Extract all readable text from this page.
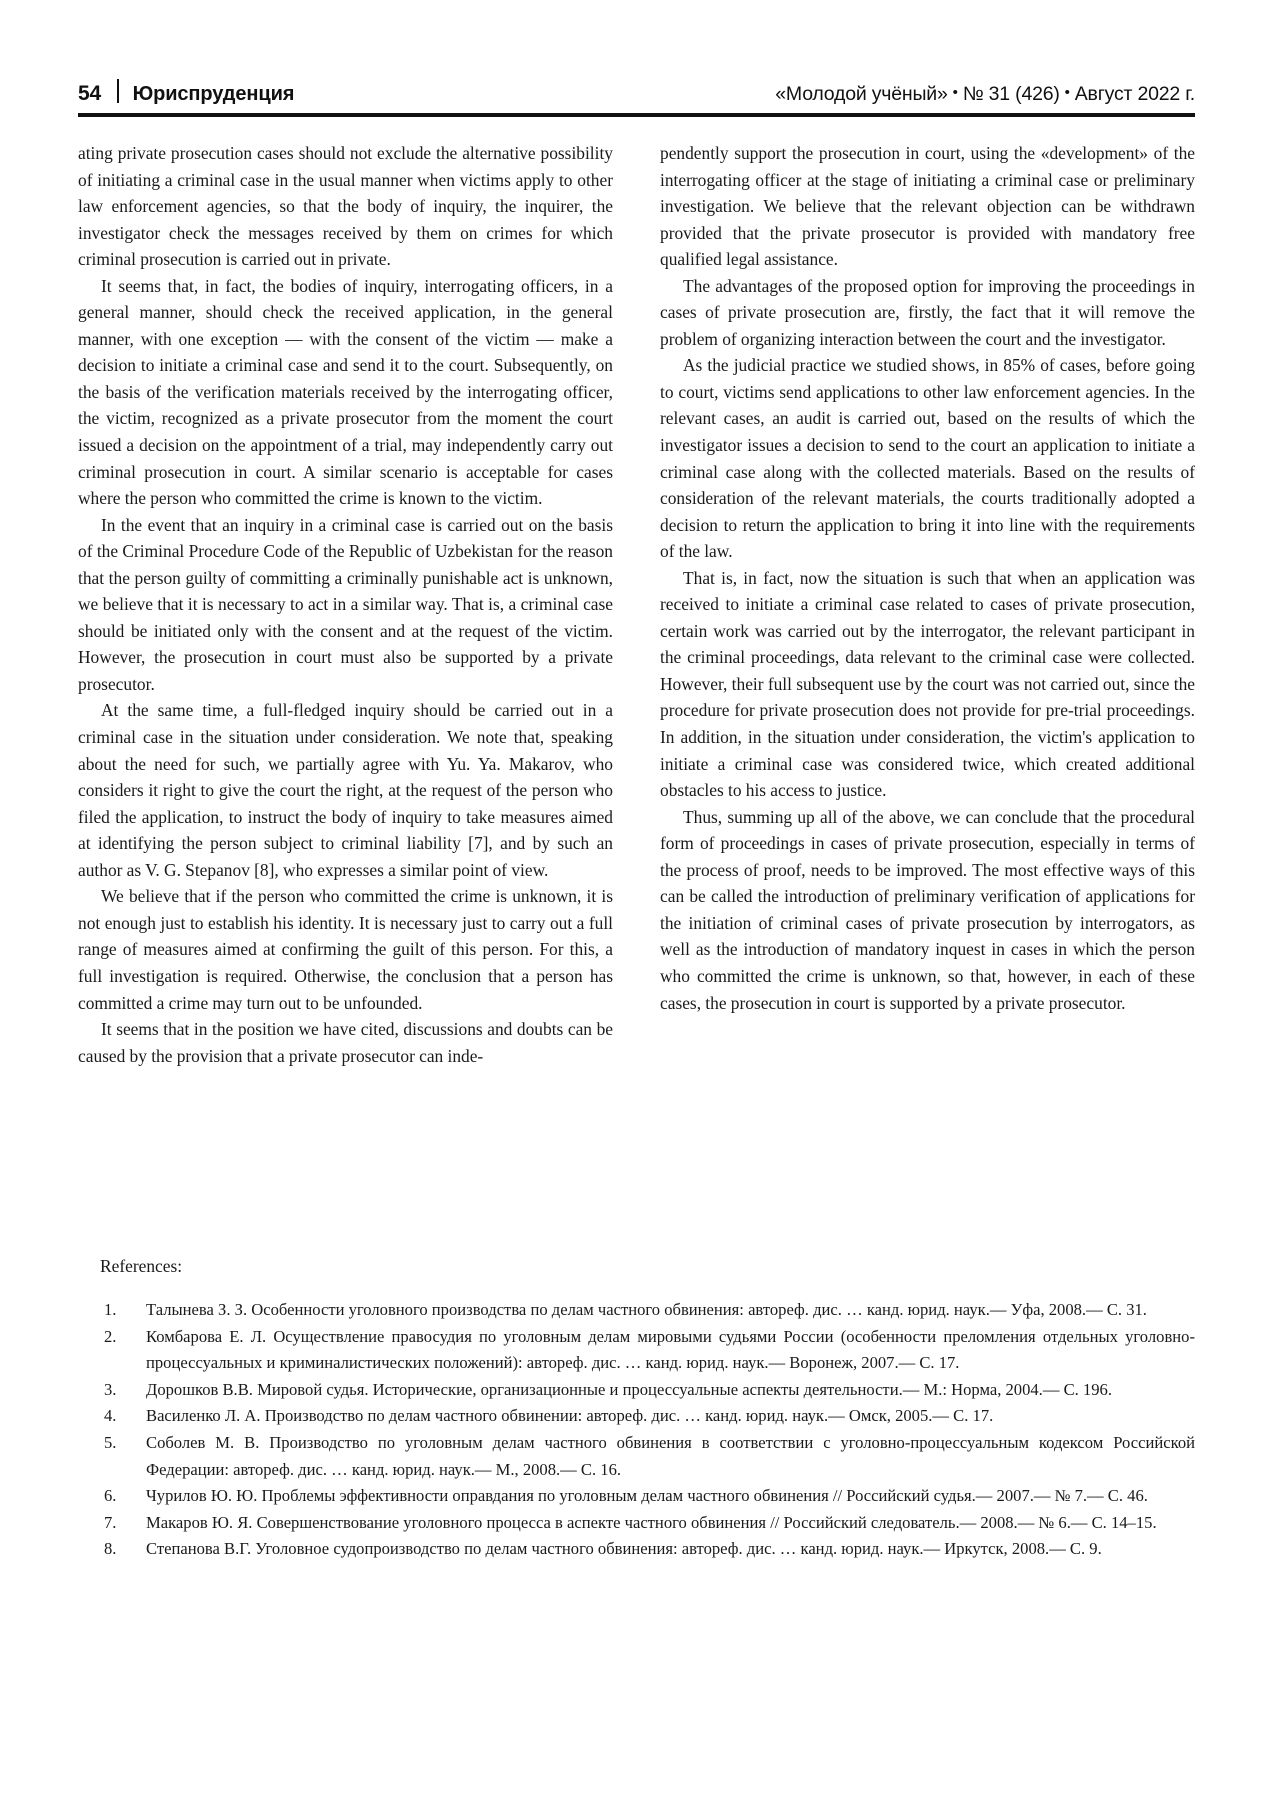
54 Юриспруденция	«Молодой учёный» • № 31 (426) • Август 2022 г.

ating private prosecution cases should not exclude the alternative possibility of initiating a criminal case in the usual manner when victims apply to other law enforcement agencies, so that the body of inquiry, the inquirer, the investigator check the messages received by them on crimes for which criminal prosecution is carried out in private.

It seems that, in fact, the bodies of inquiry, interrogating officers, in a general manner, should check the received application, in the general manner, with one exception — with the consent of the victim — make a decision to initiate a criminal case and send it to the court. Subsequently, on the basis of the verification materials received by the interrogating officer, the victim, recognized as a private prosecutor from the moment the court issued a decision on the appointment of a trial, may independently carry out criminal prosecution in court. A similar scenario is acceptable for cases where the person who committed the crime is known to the victim.

In the event that an inquiry in a criminal case is carried out on the basis of the Criminal Procedure Code of the Republic of Uzbekistan for the reason that the person guilty of committing a criminally punishable act is unknown, we believe that it is necessary to act in a similar way. That is, a criminal case should be initiated only with the consent and at the request of the victim. However, the prosecution in court must also be supported by a private prosecutor.

At the same time, a full-fledged inquiry should be carried out in a criminal case in the situation under consideration. We note that, speaking about the need for such, we partially agree with Yu. Ya. Makarov, who considers it right to give the court the right, at the request of the person who filed the application, to instruct the body of inquiry to take measures aimed at identifying the person subject to criminal liability [7], and by such an author as V. G. Stepanov [8], who expresses a similar point of view.

We believe that if the person who committed the crime is unknown, it is not enough just to establish his identity. It is necessary just to carry out a full range of measures aimed at confirming the guilt of this person. For this, a full investigation is required. Otherwise, the conclusion that a person has committed a crime may turn out to be unfounded.

It seems that in the position we have cited, discussions and doubts can be caused by the provision that a private prosecutor can inde-

pendently support the prosecution in court, using the «development» of the interrogating officer at the stage of initiating a criminal case or preliminary investigation. We believe that the relevant objection can be withdrawn provided that the private prosecutor is provided with mandatory free qualified legal assistance.

The advantages of the proposed option for improving the proceedings in cases of private prosecution are, firstly, the fact that it will remove the problem of organizing interaction between the court and the investigator.

As the judicial practice we studied shows, in 85% of cases, before going to court, victims send applications to other law enforcement agencies. In the relevant cases, an audit is carried out, based on the results of which the investigator issues a decision to send to the court an application to initiate a criminal case along with the collected materials. Based on the results of consideration of the relevant materials, the courts traditionally adopted a decision to return the application to bring it into line with the requirements of the law.

That is, in fact, now the situation is such that when an application was received to initiate a criminal case related to cases of private prosecution, certain work was carried out by the interrogator, the relevant participant in the criminal proceedings, data relevant to the criminal case were collected. However, their full subsequent use by the court was not carried out, since the procedure for private prosecution does not provide for pre-trial proceedings. In addition, in the situation under consideration, the victim's application to initiate a criminal case was considered twice, which created additional obstacles to his access to justice.

Thus, summing up all of the above, we can conclude that the procedural form of proceedings in cases of private prosecution, especially in terms of the process of proof, needs to be improved. The most effective ways of this can be called the introduction of preliminary verification of applications for the initiation of criminal cases of private prosecution by interrogators, as well as the introduction of mandatory inquest in cases in which the person who committed the crime is unknown, so that, however, in each of these cases, the prosecution in court is supported by a private prosecutor.

References:
1.	Талынева З. З. Особенности уголовного производства по делам частного обвинения: автореф. дис. … канд. юрид. наук.— Уфа, 2008.— С. 31.
2.	Комбарова Е. Л. Осуществление правосудия по уголовным делам мировыми судьями России (особенности преломления отдельных уголовно-процессуальных и криминалистических положений): автореф. дис. … канд. юрид. наук.— Воронеж, 2007.— С. 17.
3.	Дорошков В.В. Мировой судья. Исторические, организационные и процессуальные аспекты деятельности.— М.: Норма, 2004.— С. 196.
4.	Василенко Л. А. Производство по делам частного обвинении: автореф. дис. … канд. юрид. наук.— Омск, 2005.— С. 17.
5.	Соболев М. В. Производство по уголовным делам частного обвинения в соответствии с уголовно-процессуальным кодексом Российской Федерации: автореф. дис. … канд. юрид. наук.— М., 2008.— С. 16.
6.	Чурилов Ю. Ю. Проблемы эффективности оправдания по уголовным делам частного обвинения // Российский судья.— 2007.— № 7.— С. 46.
7.	Макаров Ю. Я. Совершенствование уголовного процесса в аспекте частного обвинения // Российский следователь.— 2008.— № 6.— С. 14–15.
8.	Степанова В.Г. Уголовное судопроизводство по делам частного обвинения: автореф. дис. … канд. юрид. наук.— Иркутск, 2008.— С. 9.
